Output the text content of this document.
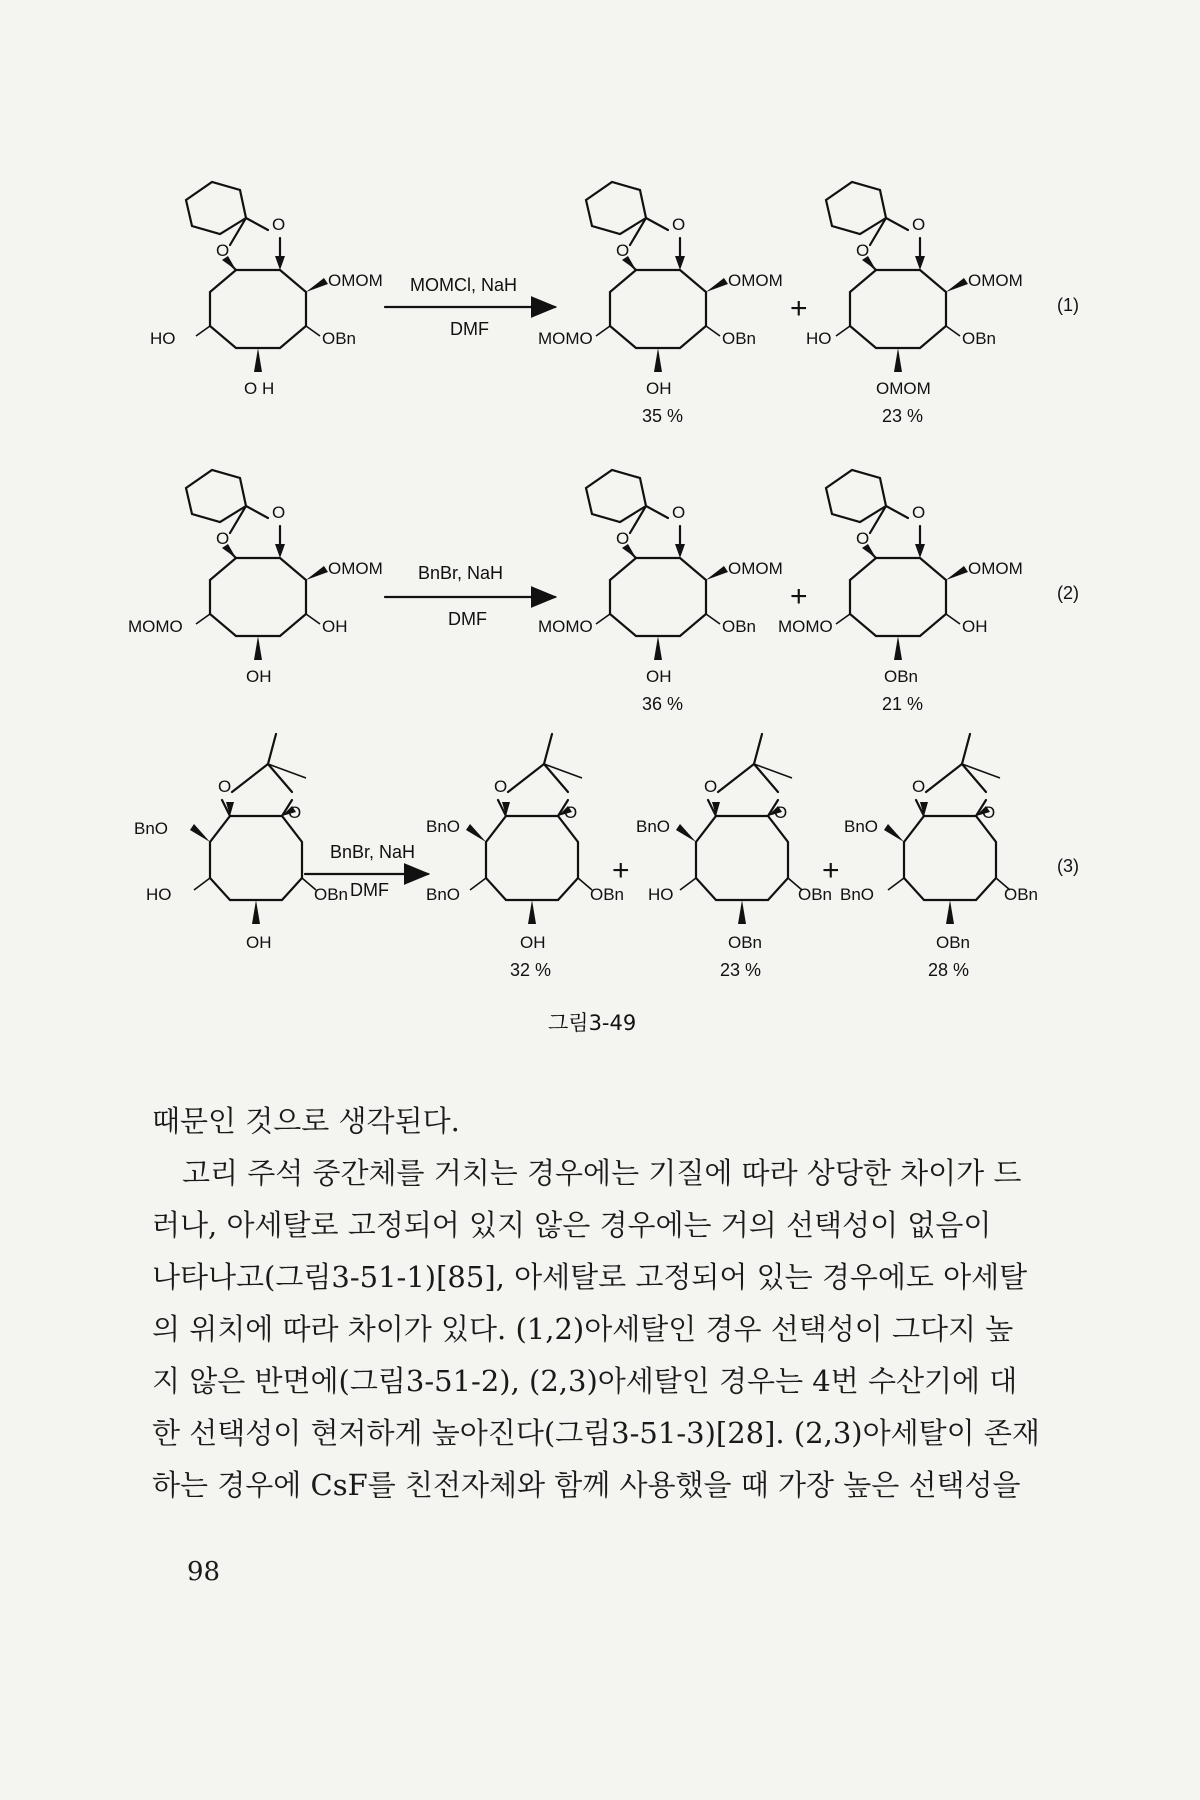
O
O
OMOM
HO	OBn
O H
MOMCl, NaH
DMF
O
O
OMOM
MOMO	OBn
OH
35 %
+
O
O
OMOM
HO	OBn
OMOM
23 %
(1)
O
O
OMOM
MOMO	OH
OH
BnBr, NaH
DMF
O
O
OMOM
MOMO	OBn
OH
36 %
+
O
O
OMOM
MOMO	OH
OBn
21 %
(2)
O
O
BnO
HO	OBn
OH
BnBr, NaH
DMF
O
O
BnO
BnO	OBn
OH
32 %
+
O
O
BnO
HO	OBn
OBn
23 %
+
O
O
BnO
BnO	OBn
OBn
28 %
(3)
그림3-49
때문인 것으로 생각된다.
고리 주석 중간체를 거치는 경우에는 기질에 따라 상당한 차이가 드
러나, 아세탈로 고정되어 있지 않은 경우에는 거의 선택성이 없음이
나타나고(그림3-51-1)[85], 아세탈로 고정되어 있는 경우에도 아세탈
의 위치에 따라 차이가 있다. (1,2)아세탈인 경우 선택성이 그다지 높
지 않은 반면에(그림3-51-2), (2,3)아세탈인 경우는 4번 수산기에 대
한 선택성이 현저하게 높아진다(그림3-51-3)[28]. (2,3)아세탈이 존재
하는 경우에 CsF를 친전자체와 함께 사용했을 때 가장 높은 선택성을
98
